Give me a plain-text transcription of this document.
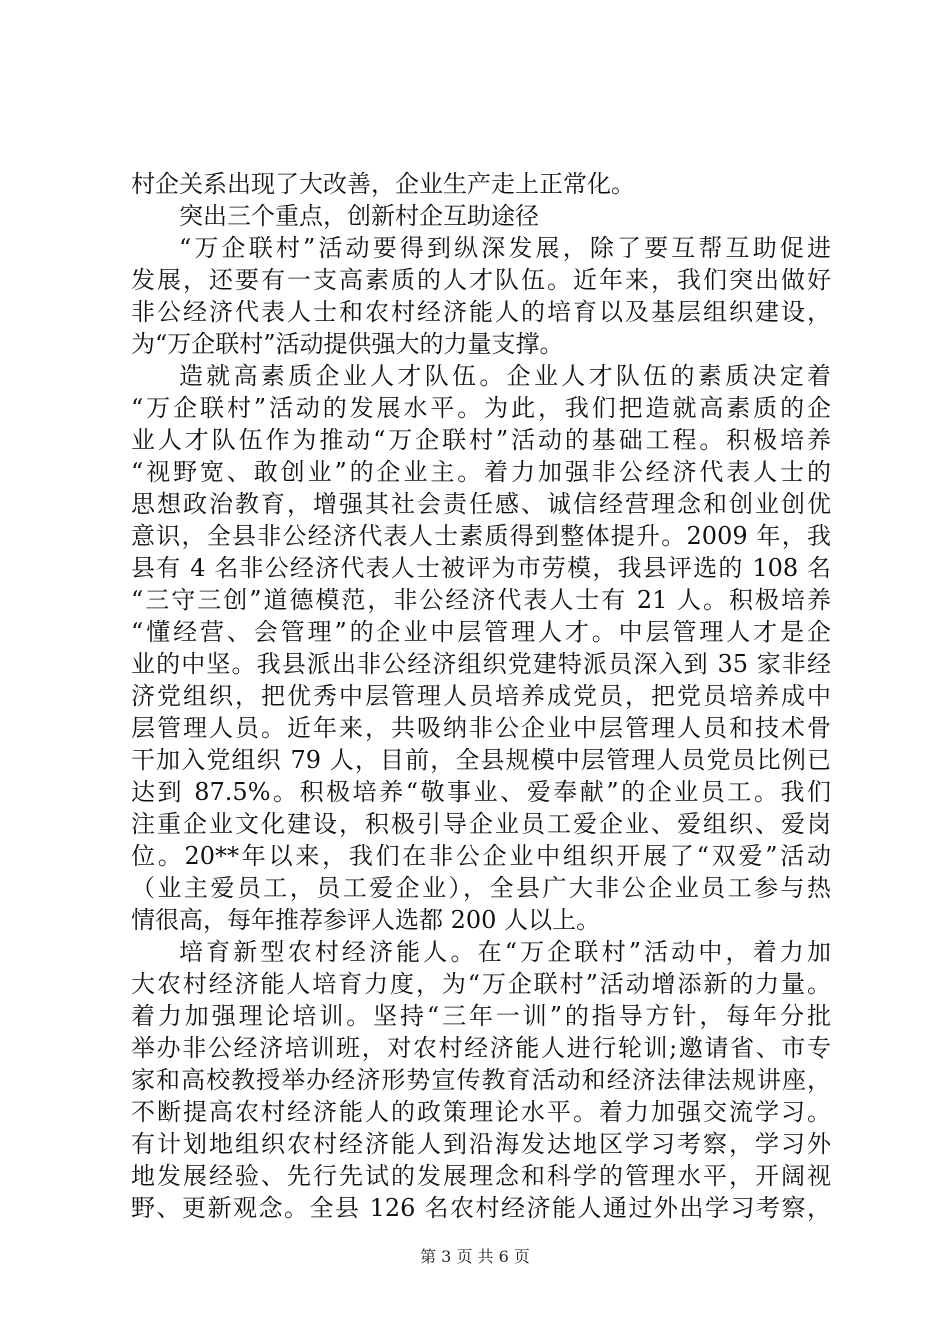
村企关系出现了大改善，企业生产走上正常化。
突出三个重点，创新村企互助途径
“万企联村”活动要得到纵深发展，除了要互帮互助促进
发展，还要有一支高素质的人才队伍。近年来，我们突出做好
非公经济代表人士和农村经济能人的培育以及基层组织建设，
为“万企联村”活动提供强大的力量支撑。
造就高素质企业人才队伍。企业人才队伍的素质决定着
“万企联村”活动的发展水平。为此，我们把造就高素质的企
业人才队伍作为推动“万企联村”活动的基础工程。积极培养
“视野宽、敢创业”的企业主。着力加强非公经济代表人士的
思想政治教育，增强其社会责任感、诚信经营理念和创业创优
意识，全县非公经济代表人士素质得到整体提升。2009 年，我
县有 4 名非公经济代表人士被评为市劳模，我县评选的 108 名
“三守三创”道德模范，非公经济代表人士有 21 人。积极培养
“懂经营、会管理”的企业中层管理人才。中层管理人才是企
业的中坚。我县派出非公经济组织党建特派员深入到 35 家非经
济党组织，把优秀中层管理人员培养成党员，把党员培养成中
层管理人员。近年来，共吸纳非公企业中层管理人员和技术骨
干加入党组织 79 人，目前，全县规模中层管理人员党员比例已
达到 87.5%。积极培养“敬事业、爱奉献”的企业员工。我们
注重企业文化建设，积极引导企业员工爱企业、爱组织、爱岗
位。20**年以来，我们在非公企业中组织开展了“双爱”活动
（业主爱员工，员工爱企业），全县广大非公企业员工参与热
情很高，每年推荐参评人选都 200 人以上。
培育新型农村经济能人。在“万企联村”活动中，着力加
大农村经济能人培育力度，为“万企联村”活动增添新的力量。
着力加强理论培训。坚持“三年一训”的指导方针，每年分批
举办非公经济培训班，对农村经济能人进行轮训;邀请省、市专
家和高校教授举办经济形势宣传教育活动和经济法律法规讲座，
不断提高农村经济能人的政策理论水平。着力加强交流学习。
有计划地组织农村经济能人到沿海发达地区学习考察，学习外
地发展经验、先行先试的发展理念和科学的管理水平，开阔视
野、更新观念。全县 126 名农村经济能人通过外出学习考察，
第 3 页 共 6 页
